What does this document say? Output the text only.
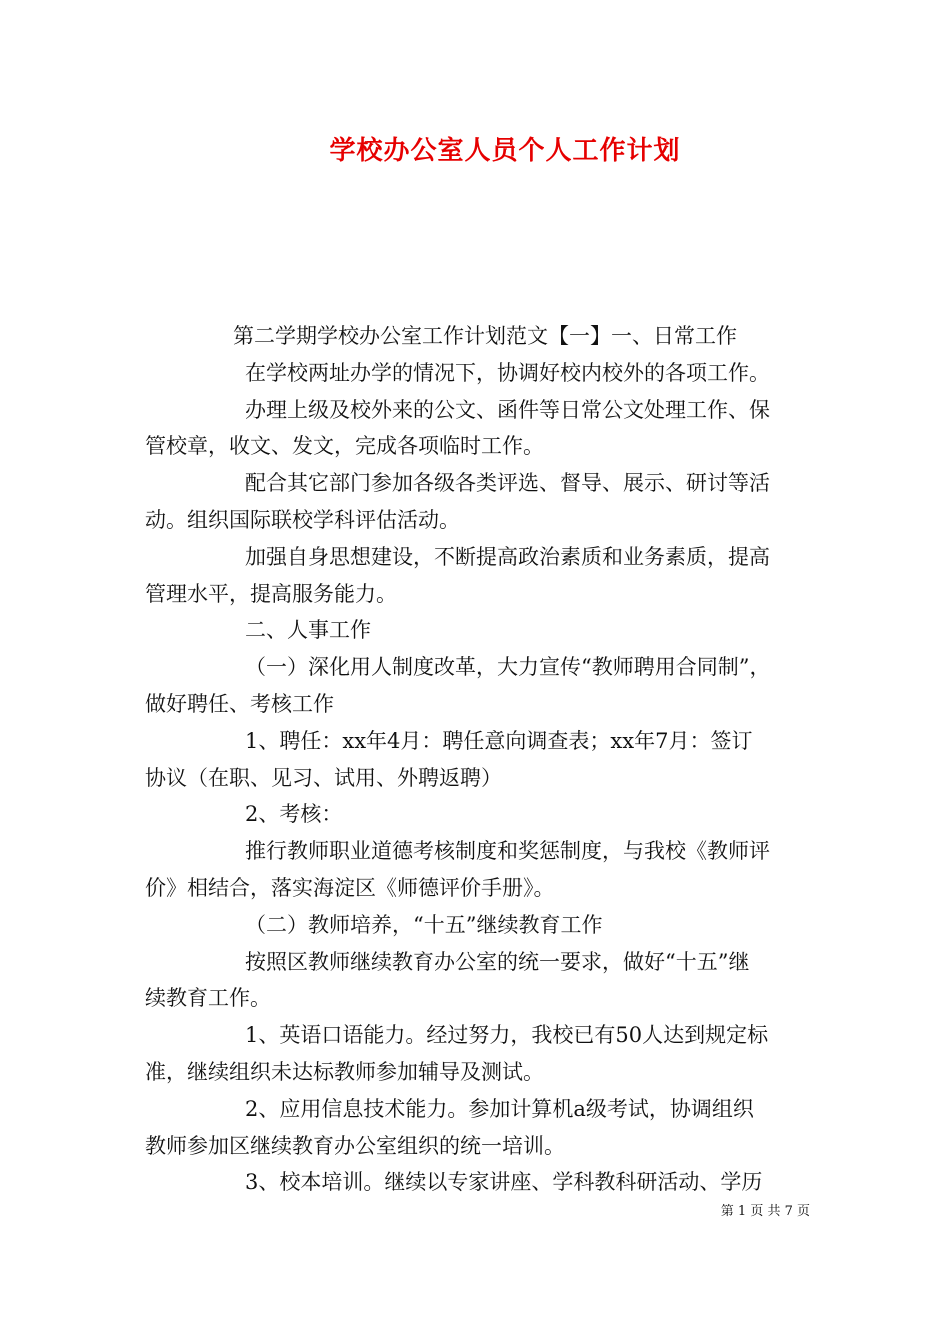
学校办公室人员个人工作计划
第二学期学校办公室工作计划范文【一】一、日常工作
在学校两址办学的情况下，协调好校内校外的各项工作。
办理上级及校外来的公文、函件等日常公文处理工作、保
管校章，收文、发文，完成各项临时工作。
配合其它部门参加各级各类评选、督导、展示、研讨等活
动。组织国际联校学科评估活动。
加强自身思想建设，不断提高政治素质和业务素质，提高
管理水平，提高服务能力。
二、人事工作
（一）深化用人制度改革，大力宣传“教师聘用合同制”，
做好聘任、考核工作
1、聘任：xx年4月：聘任意向调查表；xx年7月：签订
协议（在职、见习、试用、外聘返聘）
2、考核：
推行教师职业道德考核制度和奖惩制度，与我校《教师评
价》相结合，落实海淀区《师德评价手册》。
（二）教师培养，“十五”继续教育工作
按照区教师继续教育办公室的统一要求，做好“十五”继
续教育工作。
1、英语口语能力。经过努力，我校已有50人达到规定标
准，继续组织未达标教师参加辅导及测试。
2、应用信息技术能力。参加计算机a级考试，协调组织
教师参加区继续教育办公室组织的统一培训。
3、校本培训。继续以专家讲座、学科教科研活动、学历
第 1 页 共 7 页
